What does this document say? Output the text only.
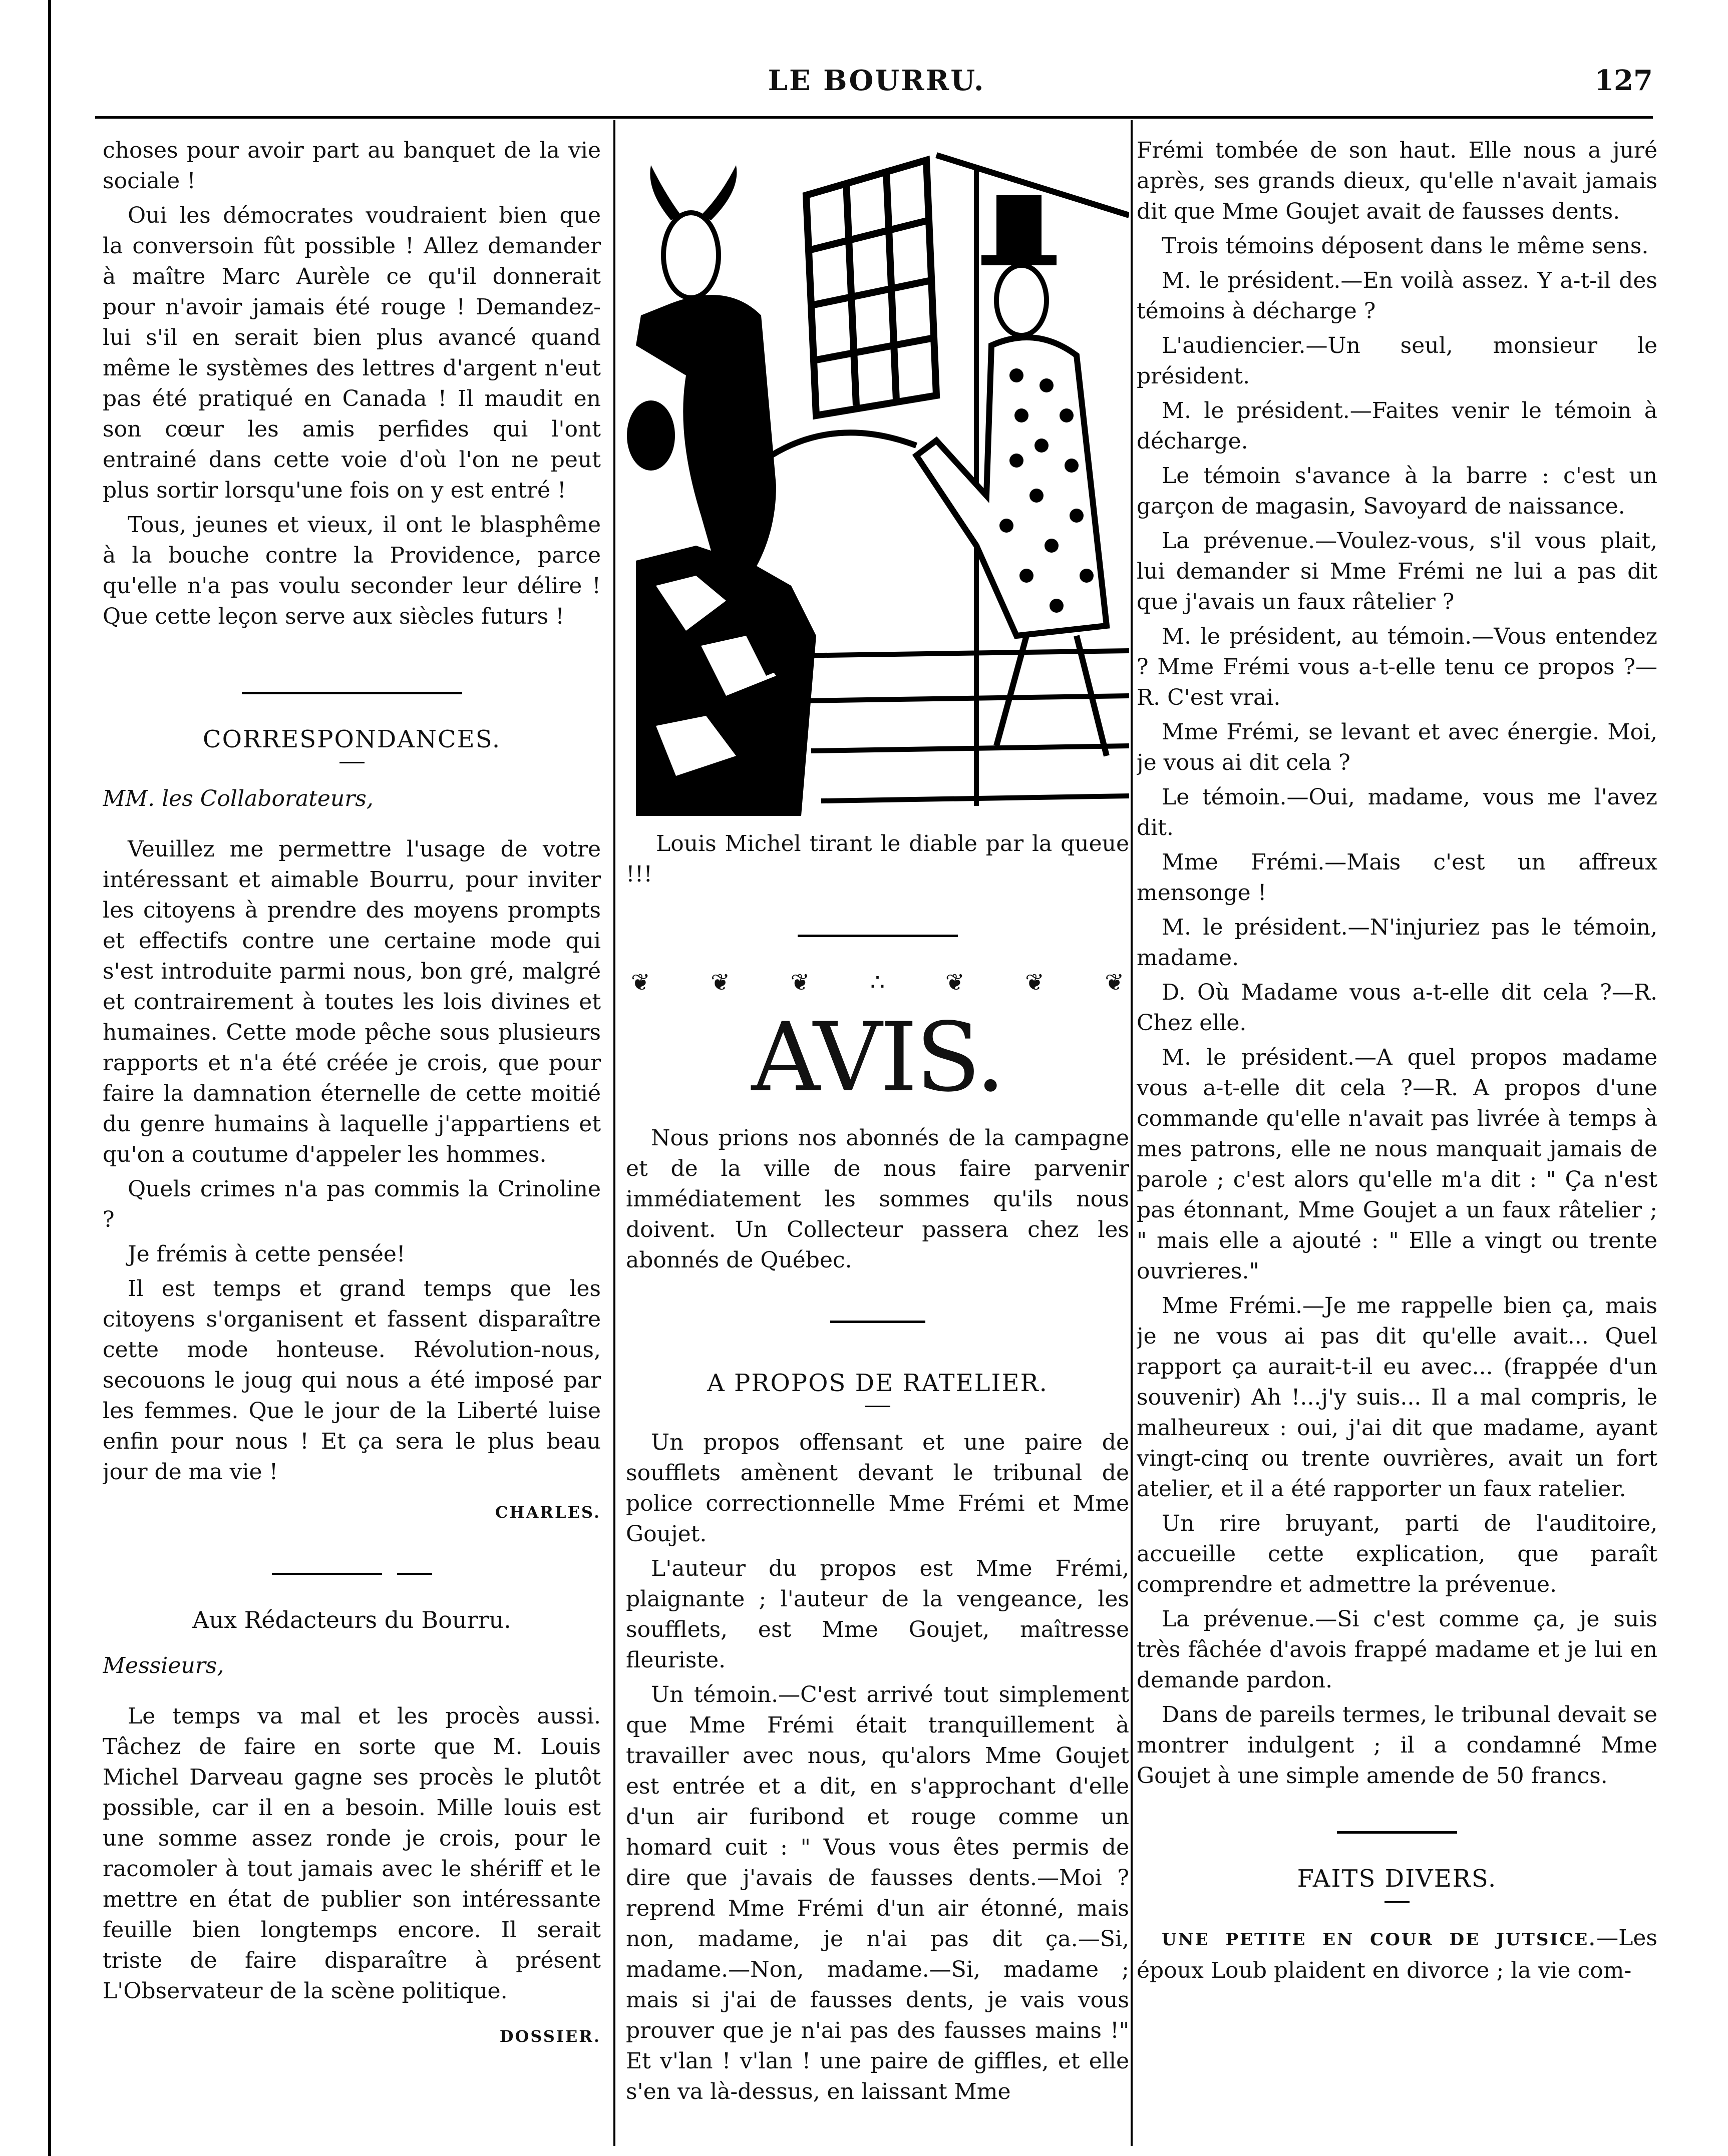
LE BOURRU.	127

choses pour avoir part au banquet de la vie sociale !

Oui les démocrates voudraient bien que la conversoin fût possible ! Allez demander à maître Marc Aurèle ce qu'il donnerait pour n'avoir jamais été rouge ! Demandez-lui s'il en serait bien plus avancé quand même le systèmes des lettres d'argent n'eut pas été pratiqué en Canada ! Il maudit en son cœur les amis perfides qui l'ont entrainé dans cette voie d'où l'on ne peut plus sortir lorsqu'une fois on y est entré !

Tous, jeunes et vieux, il ont le blasphême à la bouche contre la Providence, parce qu'elle n'a pas voulu seconder leur délire ! Que cette leçon serve aux siècles futurs !

CORRESPONDANCES.

MM. les Collaborateurs,

Veuillez me permettre l'usage de votre intéressant et aimable Bourru, pour inviter les citoyens à prendre des moyens prompts et effectifs contre une certaine mode qui s'est introduite parmi nous, bon gré, malgré et contrairement à toutes les lois divines et humaines. Cette mode pêche sous plusieurs rapports et n'a été créée je crois, que pour faire la damnation éternelle de cette moitié du genre humains à laquelle j'appartiens et qu'on a coutume d'appeler les hommes.

Quels crimes n'a pas commis la Crinoline ?

Je frémis à cette pensée!

Il est temps et grand temps que les citoyens s'organisent et fassent disparaître cette mode honteuse. Révolution-nous, secouons le joug qui nous a été imposé par les femmes. Que le jour de la Liberté luise enfin pour nous ! Et ça sera le plus beau jour de ma vie !

CHARLES.

Aux Rédacteurs du Bourru.

Messieurs,

Le temps va mal et les procès aussi. Tâchez de faire en sorte que M. Louis Michel Darveau gagne ses procès le plutôt possible, car il en a besoin. Mille louis est une somme assez ronde je crois, pour le racomoler à tout jamais avec le shériff et le mettre en état de publier son intéressante feuille bien longtemps encore. Il serait triste de faire disparaître à présent L'Observateur de la scène politique.

DOSSIER.

Louis Michel tirant le diable par la queue !!!

❦	❦	❦	∴	❦	❦	❦

AVIS.

Nous prions nos abonnés de la campagne et de la ville de nous faire parvenir immédiatement les sommes qu'ils nous doivent. Un Collecteur passera chez les abonnés de Québec.

A PROPOS DE RATELIER.

Un propos offensant et une paire de soufflets amènent devant le tribunal de police correctionnelle Mme Frémi et Mme Goujet.

L'auteur du propos est Mme Frémi, plaignante ; l'auteur de la vengeance, les soufflets, est Mme Goujet, maîtresse fleuriste.

Un témoin.—C'est arrivé tout simplement que Mme Frémi était tranquillement à travailler avec nous, qu'alors Mme Goujet est entrée et a dit, en s'approchant d'elle d'un air furibond et rouge comme un homard cuit : " Vous vous êtes permis de dire que j'avais de fausses dents.—Moi ? reprend Mme Frémi d'un air étonné, mais non, madame, je n'ai pas dit ça.—Si, madame.—Non, madame.—Si, madame ; mais si j'ai de fausses dents, je vais vous prouver que je n'ai pas des fausses mains !" Et v'lan ! v'lan ! une paire de giffles, et elle s'en va là-dessus, en laissant Mme

Frémi tombée de son haut. Elle nous a juré après, ses grands dieux, qu'elle n'avait jamais dit que Mme Goujet avait de fausses dents.

Trois témoins déposent dans le même sens.

M. le président.—En voilà assez. Y a-t-il des témoins à décharge ?

L'audiencier.—Un seul, monsieur le président.

M. le président.—Faites venir le témoin à décharge.

Le témoin s'avance à la barre : c'est un garçon de magasin, Savoyard de naissance.

La prévenue.—Voulez-vous, s'il vous plait, lui demander si Mme Frémi ne lui a pas dit que j'avais un faux râtelier ?

M. le président, au témoin.—Vous entendez ? Mme Frémi vous a-t-elle tenu ce propos ?—R. C'est vrai.

Mme Frémi, se levant et avec énergie. Moi, je vous ai dit cela ?

Le témoin.—Oui, madame, vous me l'avez dit.

Mme Frémi.—Mais c'est un affreux mensonge !

M. le président.—N'injuriez pas le témoin, madame.

D. Où Madame vous a-t-elle dit cela ?—R. Chez elle.

M. le président.—A quel propos madame vous a-t-elle dit cela ?—R. A propos d'une commande qu'elle n'avait pas livrée à temps à mes patrons, elle ne nous manquait jamais de parole ; c'est alors qu'elle m'a dit : " Ça n'est pas étonnant, Mme Goujet a un faux râtelier ; " mais elle a ajouté : " Elle a vingt ou trente ouvrieres."

Mme Frémi.—Je me rappelle bien ça, mais je ne vous ai pas dit qu'elle avait... Quel rapport ça aurait-t-il eu avec... (frappée d'un souvenir) Ah !...j'y suis... Il a mal compris, le malheureux : oui, j'ai dit que madame, ayant vingt-cinq ou trente ouvrières, avait un fort atelier, et il a été rapporter un faux ratelier.

Un rire bruyant, parti de l'auditoire, accueille cette explication, que paraît comprendre et admettre la prévenue.

La prévenue.—Si c'est comme ça, je suis très fâchée d'avois frappé madame et je lui en demande pardon.

Dans de pareils termes, le tribunal devait se montrer indulgent ; il a condamné Mme Goujet à une simple amende de 50 francs.

FAITS DIVERS.

UNE PETITE EN COUR DE JUTSICE.—Les époux Loub plaident en divorce ; la vie com-
